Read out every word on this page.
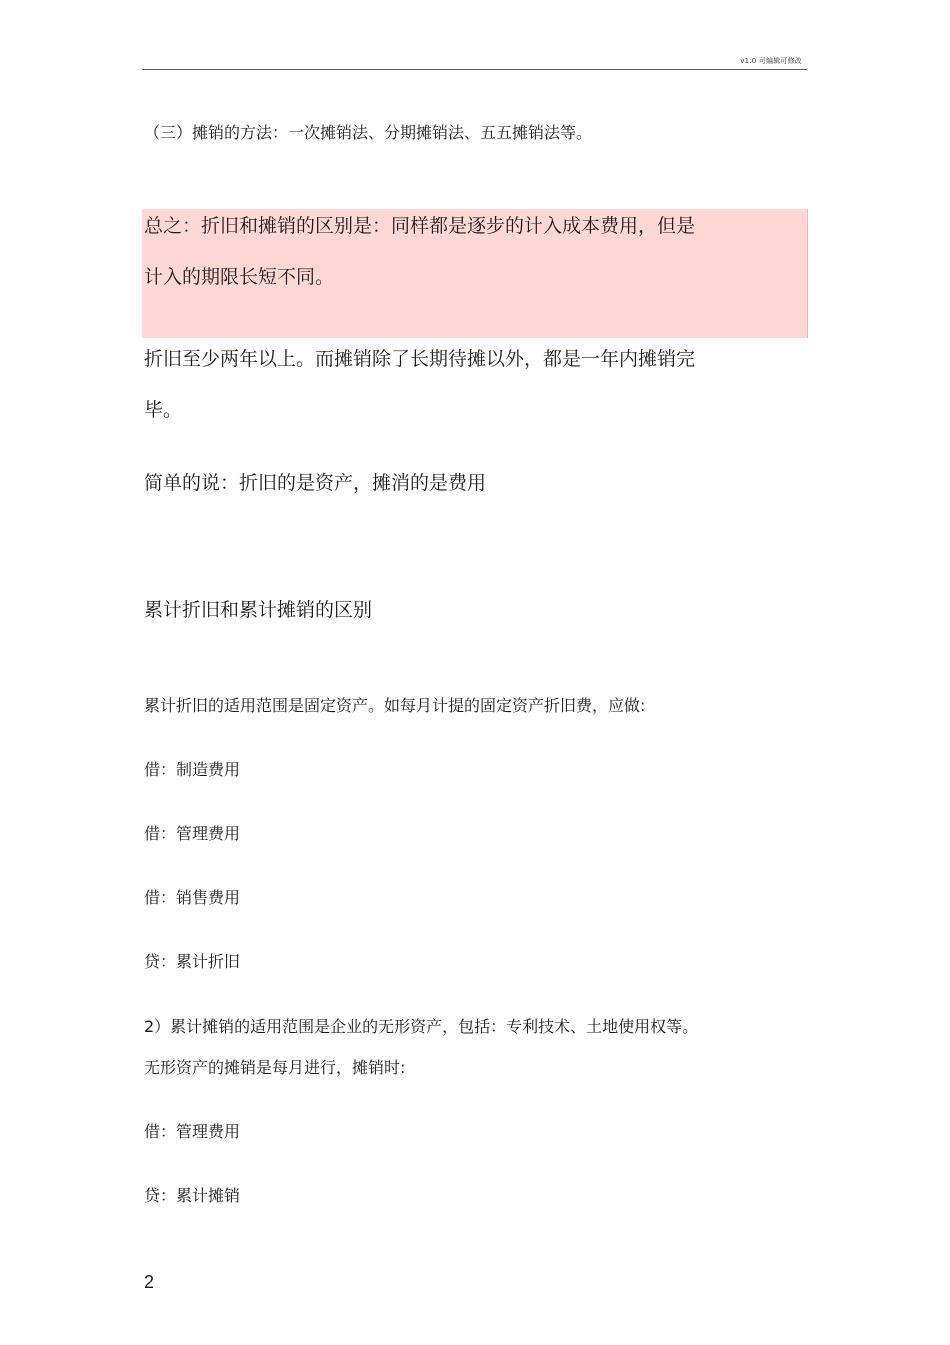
v1.0 可编辑可修改
（三）摊销的方法：一次摊销法、分期摊销法、五五摊销法等。
总之：折旧和摊销的区别是：同样都是逐步的计入成本费用，但是
计入的期限长短不同。
折旧至少两年以上。而摊销除了长期待摊以外，都是一年内摊销完
毕。
简单的说：折旧的是资产，摊消的是费用
累计折旧和累计摊销的区别
累计折旧的适用范围是固定资产。如每月计提的固定资产折旧费，应做:
借：制造费用
借：管理费用
借：销售费用
贷：累计折旧
2）累计摊销的适用范围是企业的无形资产，包括：专利技术、土地使用权等。
无形资产的摊销是每月进行，摊销时:
借：管理费用
贷：累计摊销
2
